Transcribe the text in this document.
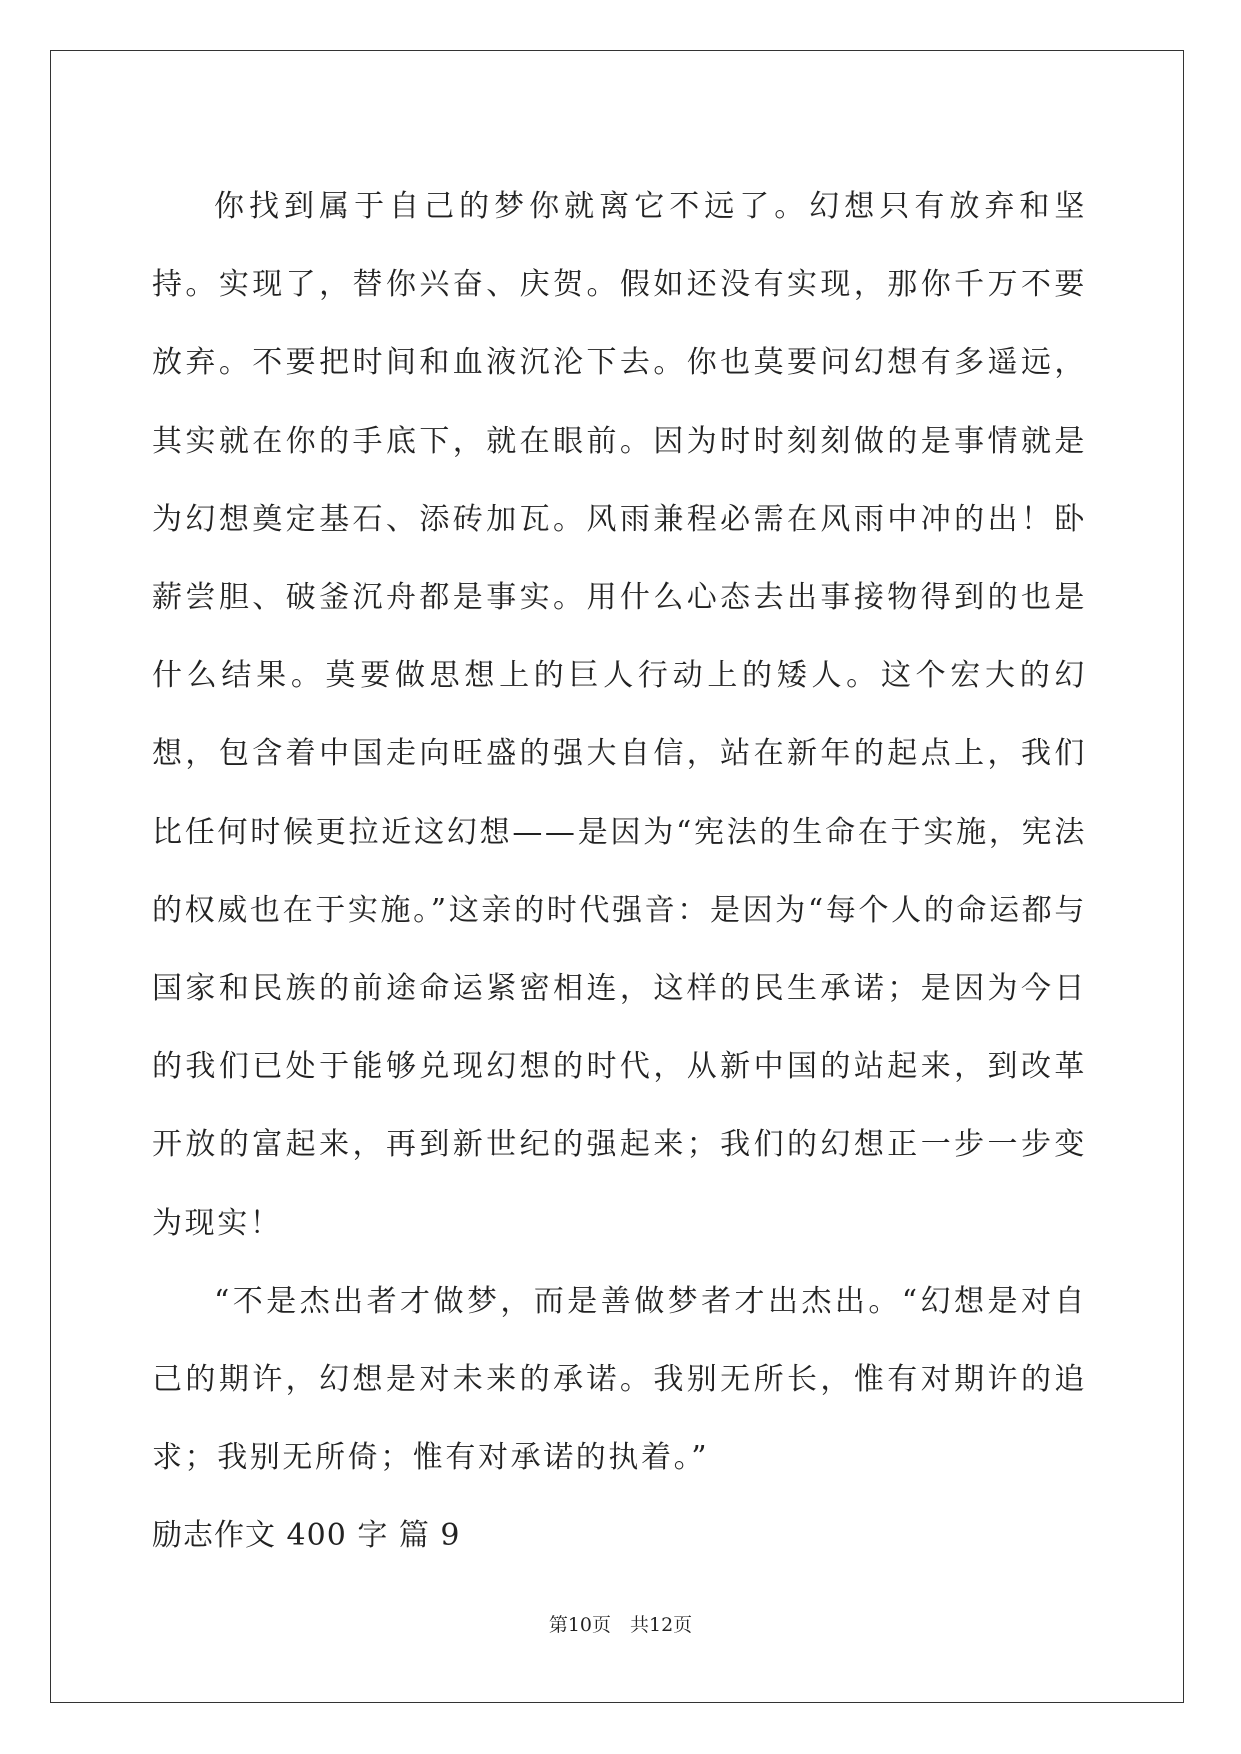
你找到属于自己的梦你就离它不远了。幻想只有放弃和坚持。实现了，替你兴奋、庆贺。假如还没有实现，那你千万不要放弃。不要把时间和血液沉沦下去。你也莫要问幻想有多遥远，其实就在你的手底下，就在眼前。因为时时刻刻做的是事情就是为幻想奠定基石、添砖加瓦。风雨兼程必需在风雨中冲的出！卧薪尝胆、破釜沉舟都是事实。用什么心态去出事接物得到的也是什么结果。莫要做思想上的巨人行动上的矮人。这个宏大的幻想，包含着中国走向旺盛的强大自信，站在新年的起点上，我们比任何时候更拉近这幻想——是因为“宪法的生命在于实施，宪法的权威也在于实施。”这亲的时代强音：是因为“每个人的命运都与国家和民族的前途命运紧密相连，这样的民生承诺；是因为今日的我们已处于能够兑现幻想的时代，从新中国的站起来，到改革开放的富起来，再到新世纪的强起来；我们的幻想正一步一步变为现实！

“不是杰出者才做梦，而是善做梦者才出杰出。“幻想是对自己的期许，幻想是对未来的承诺。我别无所长，惟有对期许的追求；我别无所倚；惟有对承诺的执着。”

励志作文 400 字 篇 9

第10页　共12页
